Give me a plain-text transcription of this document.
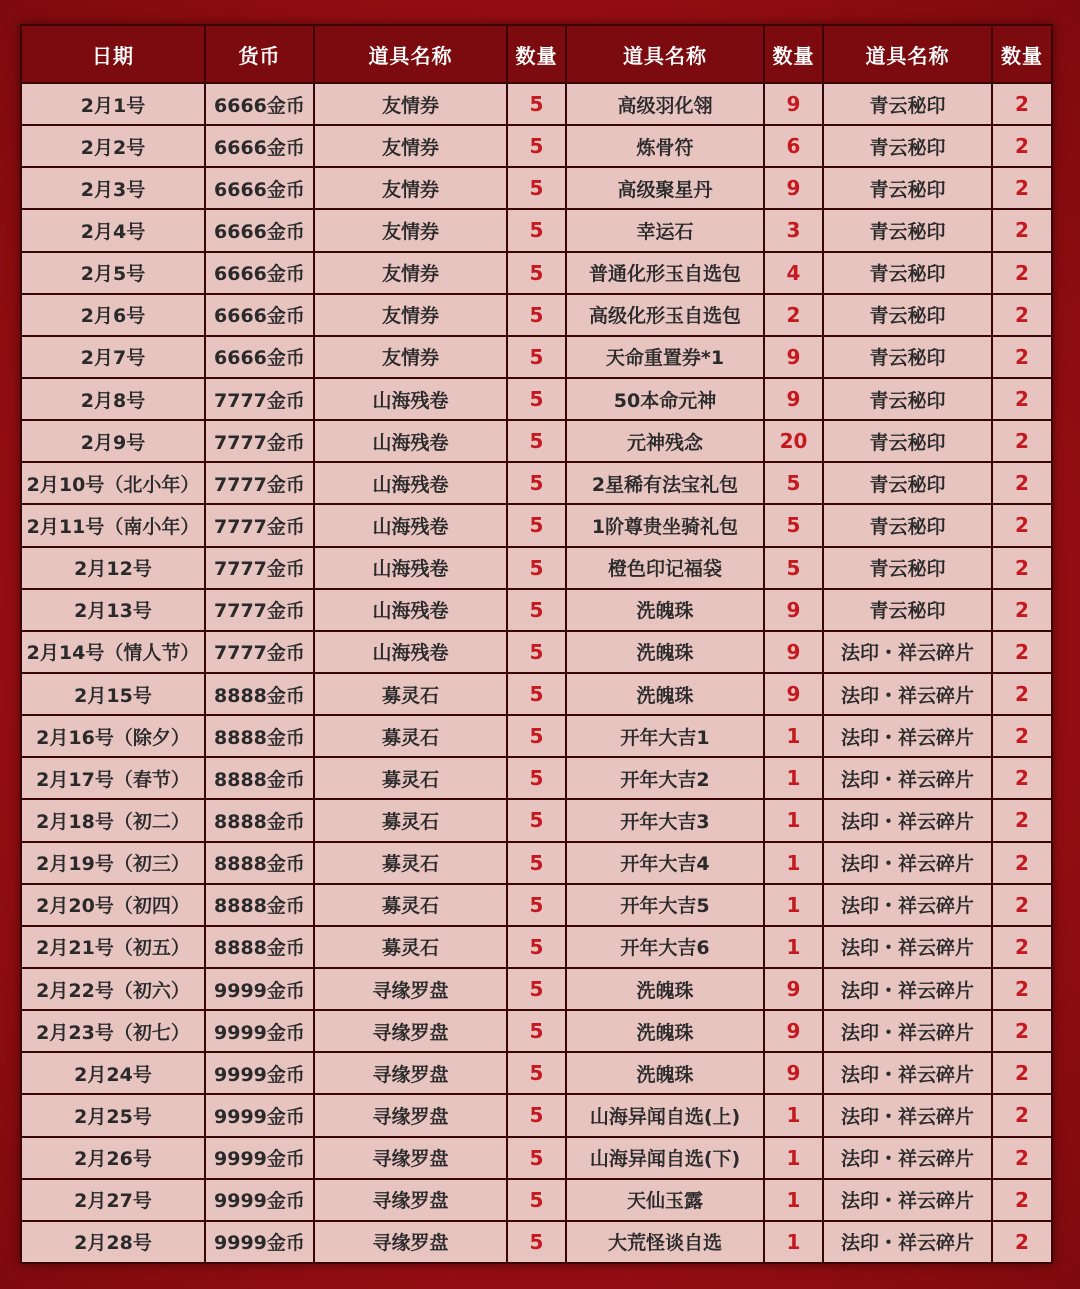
日期	货币	道具名称	数量	道具名称	数量	道具名称	数量
2月1号	6666金币	友情券	5	高级羽化翎	9	青云秘印	2
2月2号	6666金币	友情券	5	炼骨符	6	青云秘印	2
2月3号	6666金币	友情券	5	高级聚星丹	9	青云秘印	2
2月4号	6666金币	友情券	5	幸运石	3	青云秘印	2
2月5号	6666金币	友情券	5	普通化形玉自选包	4	青云秘印	2
2月6号	6666金币	友情券	5	高级化形玉自选包	2	青云秘印	2
2月7号	6666金币	友情券	5	天命重置券*1	9	青云秘印	2
2月8号	7777金币	山海残卷	5	50本命元神	9	青云秘印	2
2月9号	7777金币	山海残卷	5	元神残念	20	青云秘印	2
2月10号（北小年）	7777金币	山海残卷	5	2星稀有法宝礼包	5	青云秘印	2
2月11号（南小年）	7777金币	山海残卷	5	1阶尊贵坐骑礼包	5	青云秘印	2
2月12号	7777金币	山海残卷	5	橙色印记福袋	5	青云秘印	2
2月13号	7777金币	山海残卷	5	洗魄珠	9	青云秘印	2
2月14号（情人节）	7777金币	山海残卷	5	洗魄珠	9	法印・祥云碎片	2
2月15号	8888金币	募灵石	5	洗魄珠	9	法印・祥云碎片	2
2月16号（除夕）	8888金币	募灵石	5	开年大吉1	1	法印・祥云碎片	2
2月17号（春节）	8888金币	募灵石	5	开年大吉2	1	法印・祥云碎片	2
2月18号（初二）	8888金币	募灵石	5	开年大吉3	1	法印・祥云碎片	2
2月19号（初三）	8888金币	募灵石	5	开年大吉4	1	法印・祥云碎片	2
2月20号（初四）	8888金币	募灵石	5	开年大吉5	1	法印・祥云碎片	2
2月21号（初五）	8888金币	募灵石	5	开年大吉6	1	法印・祥云碎片	2
2月22号（初六）	9999金币	寻缘罗盘	5	洗魄珠	9	法印・祥云碎片	2
2月23号（初七）	9999金币	寻缘罗盘	5	洗魄珠	9	法印・祥云碎片	2
2月24号	9999金币	寻缘罗盘	5	洗魄珠	9	法印・祥云碎片	2
2月25号	9999金币	寻缘罗盘	5	山海异闻自选(上)	1	法印・祥云碎片	2
2月26号	9999金币	寻缘罗盘	5	山海异闻自选(下)	1	法印・祥云碎片	2
2月27号	9999金币	寻缘罗盘	5	天仙玉露	1	法印・祥云碎片	2
2月28号	9999金币	寻缘罗盘	5	大荒怪谈自选	1	法印・祥云碎片	2
